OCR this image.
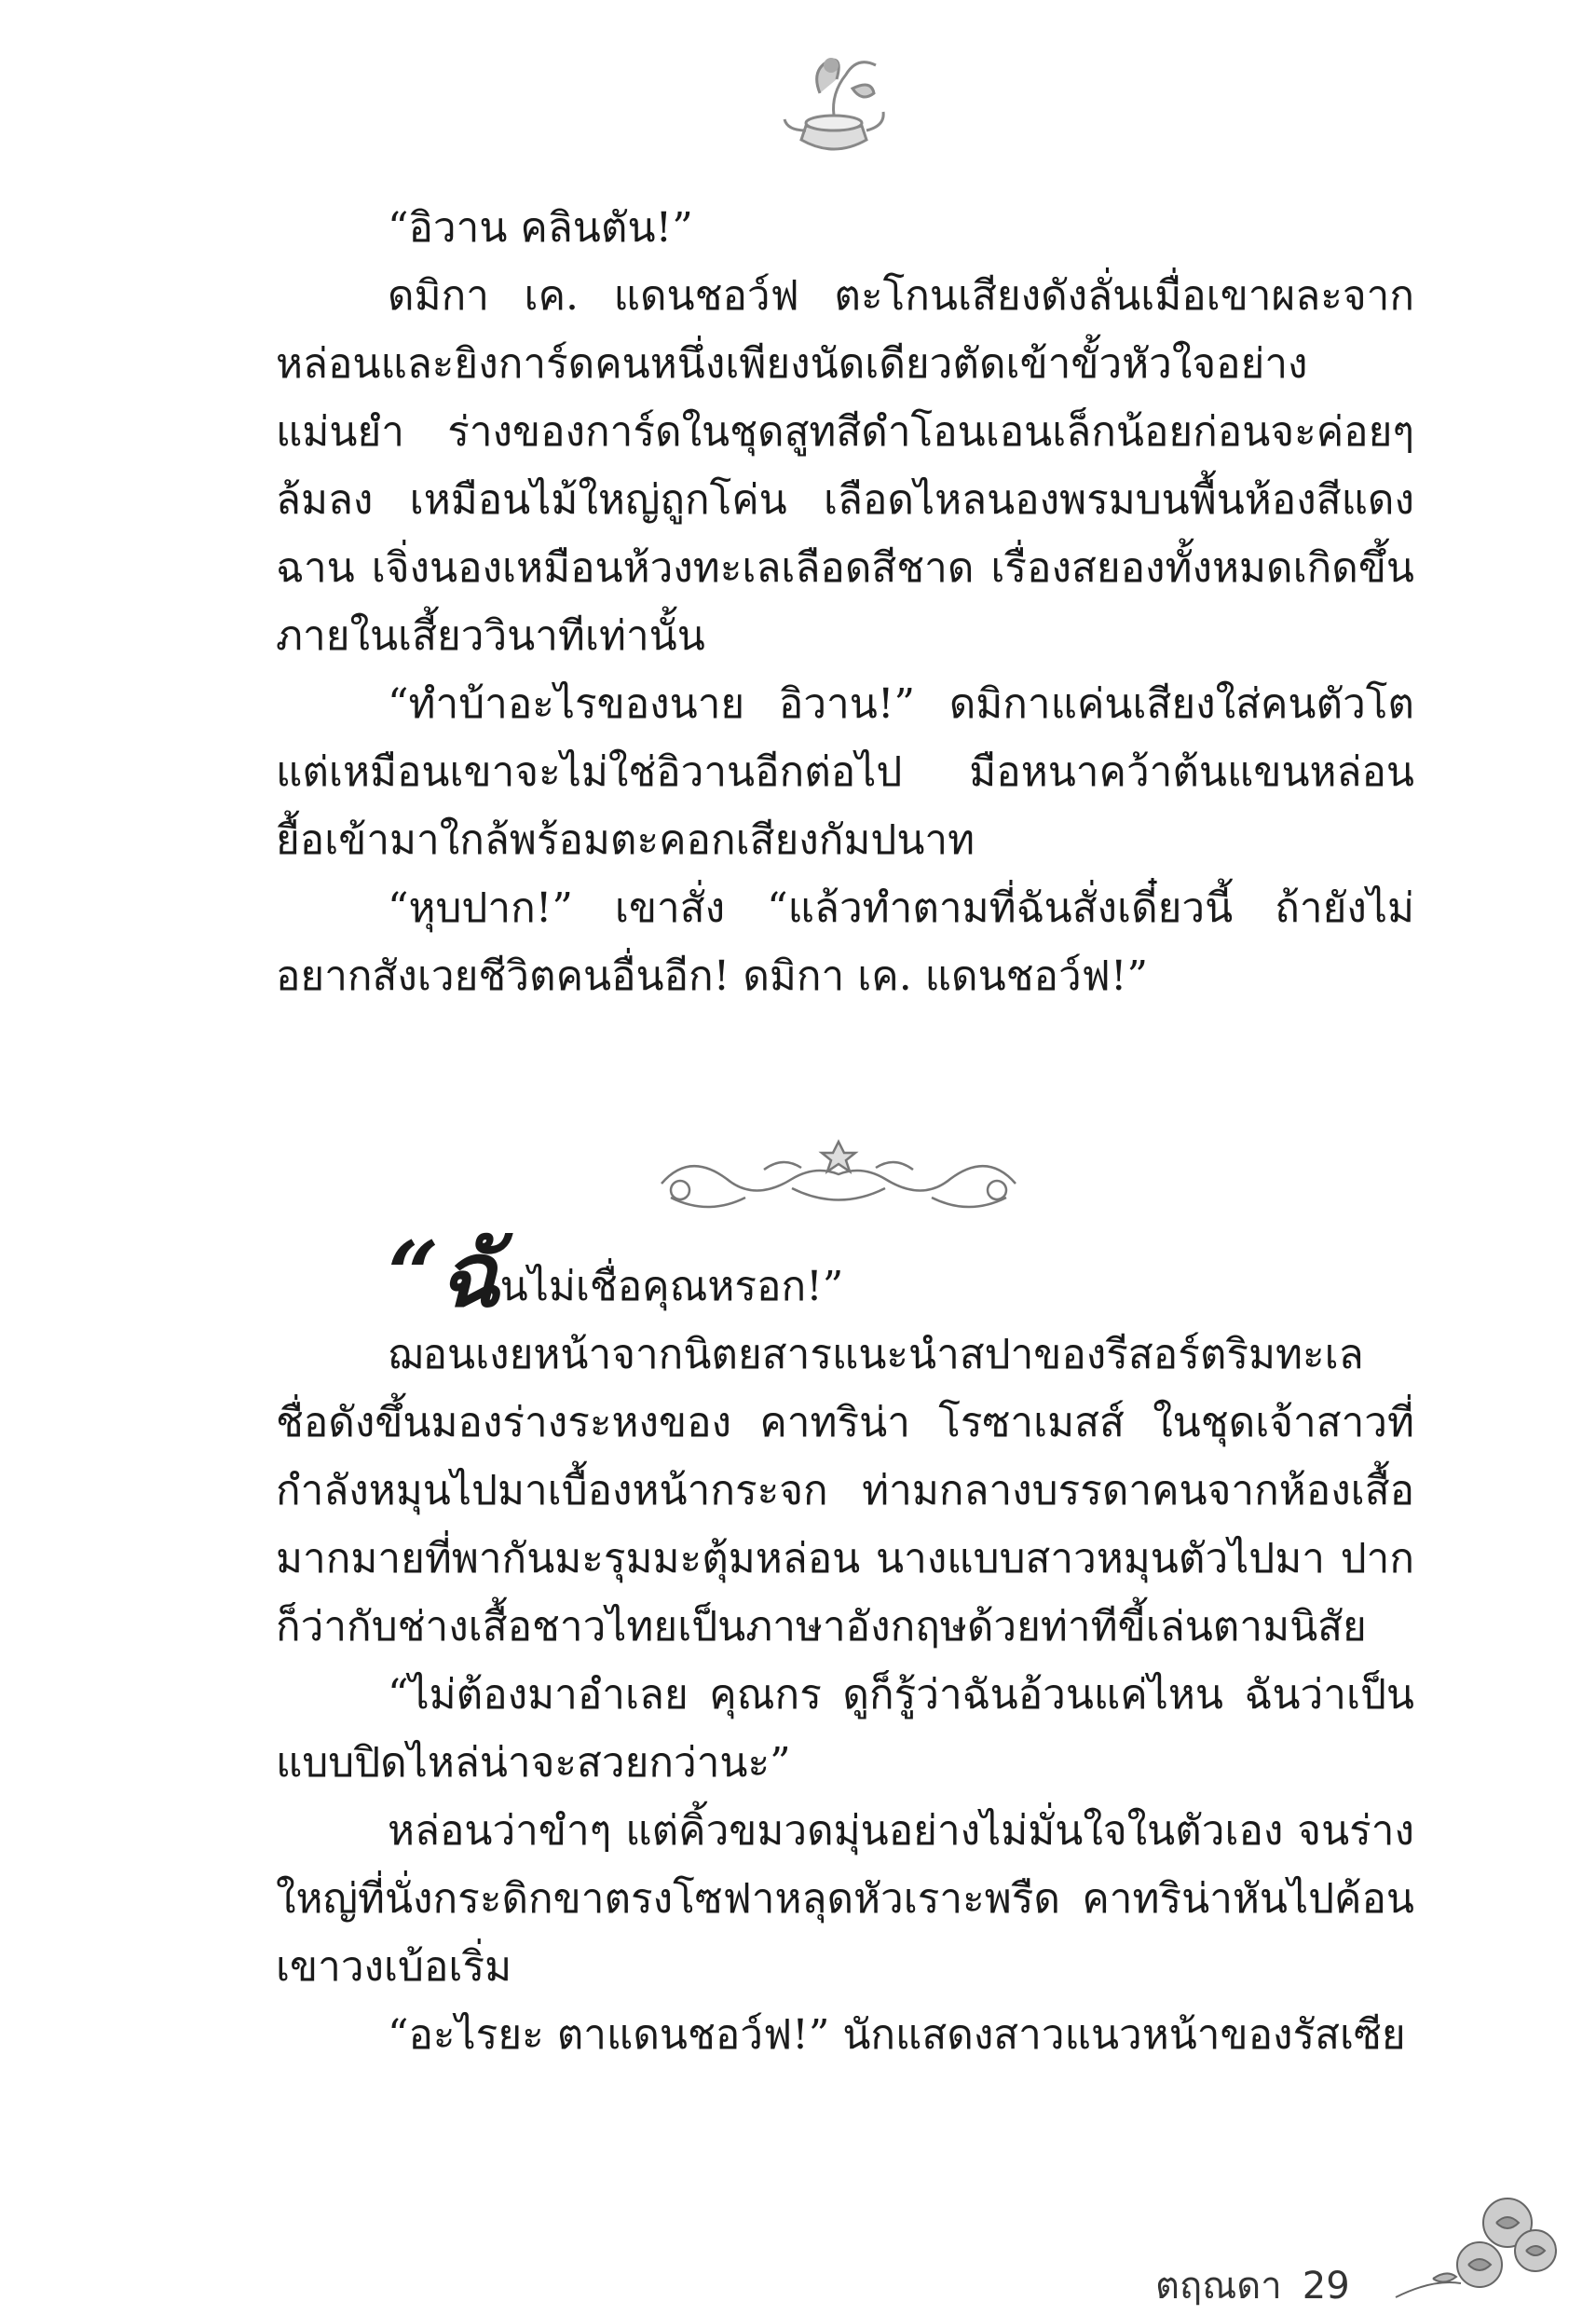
“อิวาน คลินตัน!”

ดมิกา เค. แดนชอว์ฟ ตะโกนเสียงดังลั่นเมื่อเขาผละจากหล่อนและยิงการ์ดคนหนึ่งเพียงนัดเดียวตัดเข้าขั้วหัวใจอย่างแม่นยำ ร่างของการ์ดในชุดสูทสีดำโอนเอนเล็กน้อยก่อนจะค่อยๆ ล้มลง เหมือนไม้ใหญ่ถูกโค่น เลือดไหลนองพรมบนพื้นห้องสีแดงฉาน เจิ่งนองเหมือนห้วงทะเลเลือดสีชาด เรื่องสยองทั้งหมดเกิดขึ้นภายในเสี้ยววินาทีเท่านั้น

“ทำบ้าอะไรของนาย อิวาน!” ดมิกาแค่นเสียงใส่คนตัวโต แต่เหมือนเขาจะไม่ใช่อิวานอีกต่อไป มือหนาคว้าต้นแขนหล่อน ยื้อเข้ามาใกล้พร้อมตะคอกเสียงกัมปนาท

“หุบปาก!” เขาสั่ง “แล้วทำตามที่ฉันสั่งเดี๋ยวนี้ ถ้ายังไม่อยากสังเวยชีวิตคนอื่นอีก! ดมิกา เค. แดนชอว์ฟ!”

“ฉันไม่เชื่อคุณหรอก!”

ฌอนเงยหน้าจากนิตยสารแนะนำสปาของรีสอร์ตริมทะเลชื่อดังขึ้นมองร่างระหงของ คาทริน่า โรซาเมสส์ ในชุดเจ้าสาวที่กำลังหมุนไปมาเบื้องหน้ากระจก ท่ามกลางบรรดาคนจากห้องเสื้อมากมายที่พากันมะรุมมะตุ้มหล่อน นางแบบสาวหมุนตัวไปมา ปากก็ว่ากับช่างเสื้อชาวไทยเป็นภาษาอังกฤษด้วยท่าทีขี้เล่นตามนิสัย

“ไม่ต้องมาอำเลย คุณกร ดูก็รู้ว่าฉันอ้วนแค่ไหน ฉันว่าเป็นแบบปิดไหล่น่าจะสวยกว่านะ”

หล่อนว่าขำๆ แต่คิ้วขมวดมุ่นอย่างไม่มั่นใจในตัวเอง จนร่างใหญ่ที่นั่งกระดิกขาตรงโซฟาหลุดหัวเราะพรืด คาทริน่าหันไปค้อนเขาวงเบ้อเริ่ม

“อะไรยะ ตาแดนชอว์ฟ!” นักแสดงสาวแนวหน้าของรัสเซีย

ตฤณดา 29
